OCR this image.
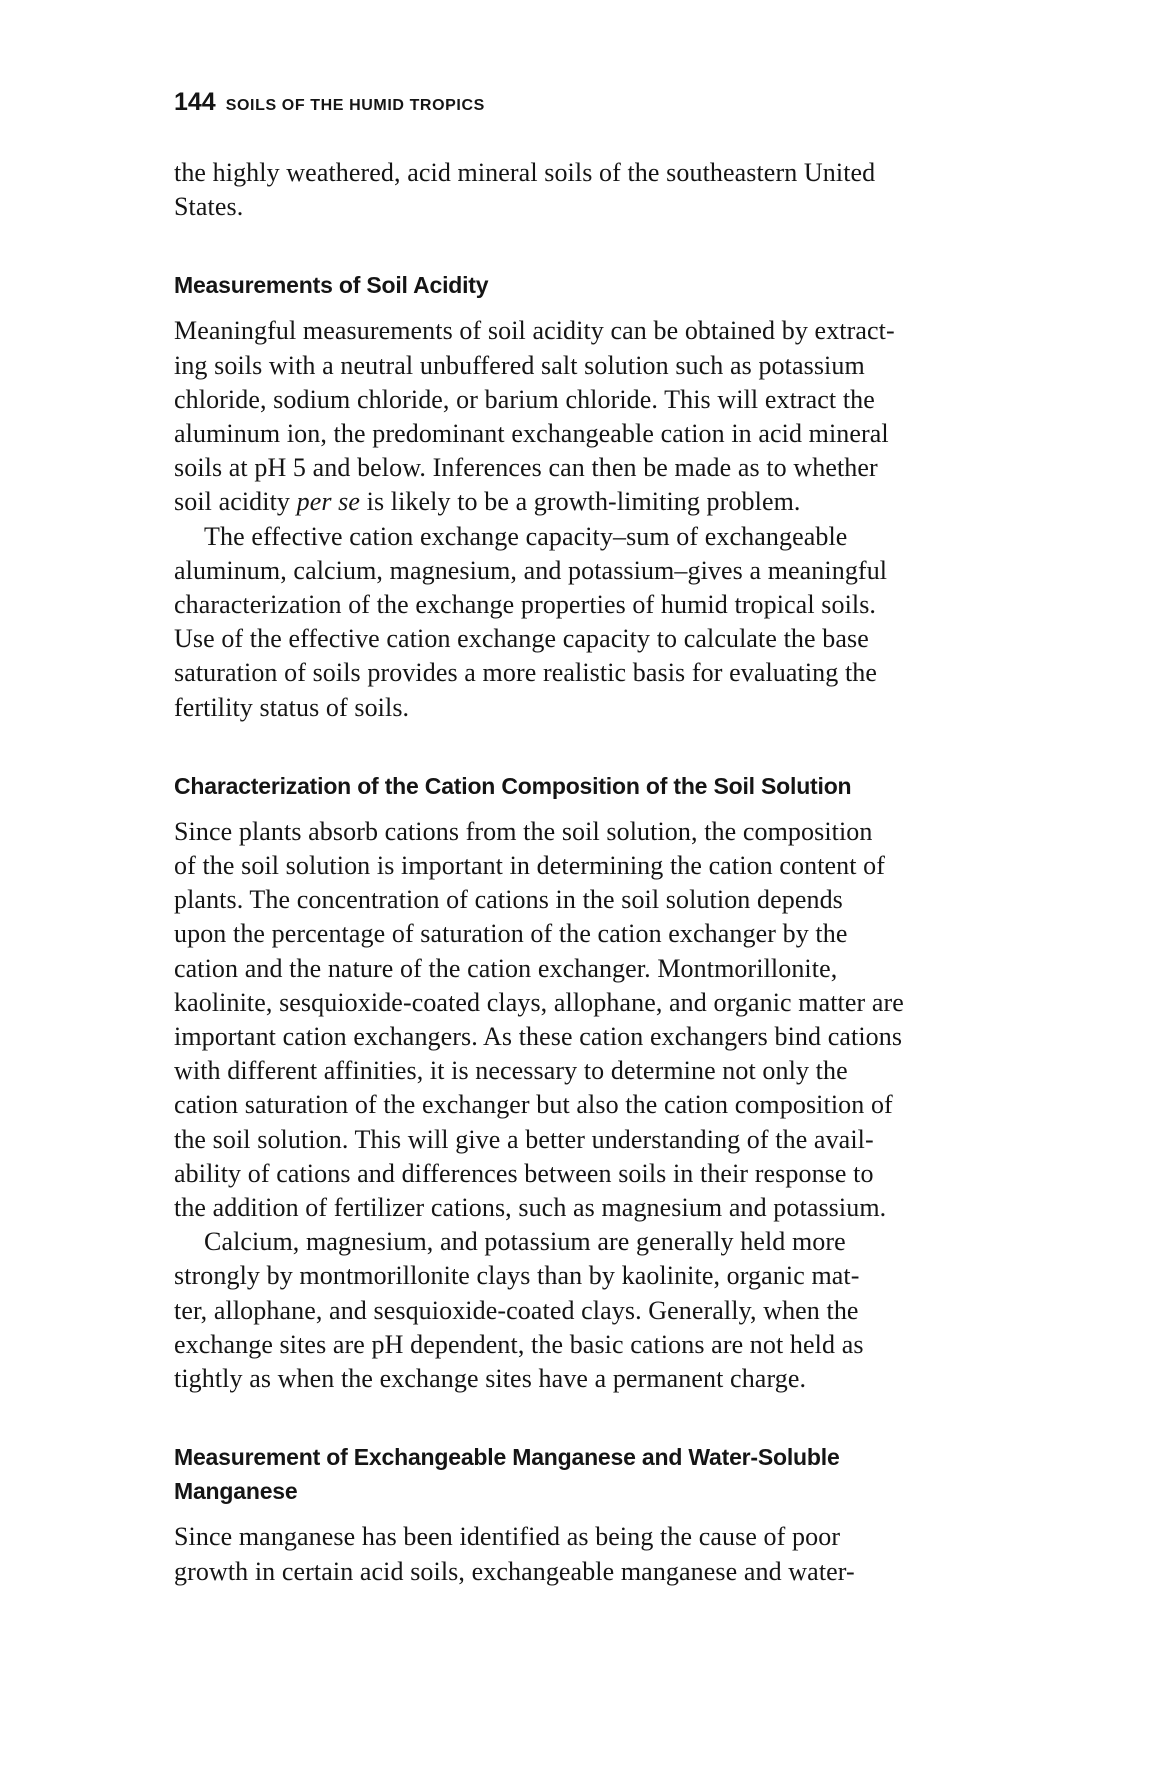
144 SOILS OF THE HUMID TROPICS

the highly weathered, acid mineral soils of the southeastern United
States.

Measurements of Soil Acidity

Meaningful measurements of soil acidity can be obtained by extract-
ing soils with a neutral unbuffered salt solution such as potassium
chloride, sodium chloride, or barium chloride. This will extract the
aluminum ion, the predominant exchangeable cation in acid mineral
soils at pH 5 and below. Inferences can then be made as to whether
soil acidity per se is likely to be a growth-limiting problem.

The effective cation exchange capacity–sum of exchangeable
aluminum, calcium, magnesium, and potassium–gives a meaningful
characterization of the exchange properties of humid tropical soils.
Use of the effective cation exchange capacity to calculate the base
saturation of soils provides a more realistic basis for evaluating the
fertility status of soils.

Characterization of the Cation Composition of the Soil Solution

Since plants absorb cations from the soil solution, the composition
of the soil solution is important in determining the cation content of
plants. The concentration of cations in the soil solution depends
upon the percentage of saturation of the cation exchanger by the
cation and the nature of the cation exchanger. Montmorillonite,
kaolinite, sesquioxide-coated clays, allophane, and organic matter are
important cation exchangers. As these cation exchangers bind cations
with different affinities, it is necessary to determine not only the
cation saturation of the exchanger but also the cation composition of
the soil solution. This will give a better understanding of the avail-
ability of cations and differences between soils in their response to
the addition of fertilizer cations, such as magnesium and potassium.

Calcium, magnesium, and potassium are generally held more
strongly by montmorillonite clays than by kaolinite, organic mat-
ter, allophane, and sesquioxide-coated clays. Generally, when the
exchange sites are pH dependent, the basic cations are not held as
tightly as when the exchange sites have a permanent charge.

Measurement of Exchangeable Manganese and Water-Soluble
Manganese

Since manganese has been identified as being the cause of poor
growth in certain acid soils, exchangeable manganese and water-
